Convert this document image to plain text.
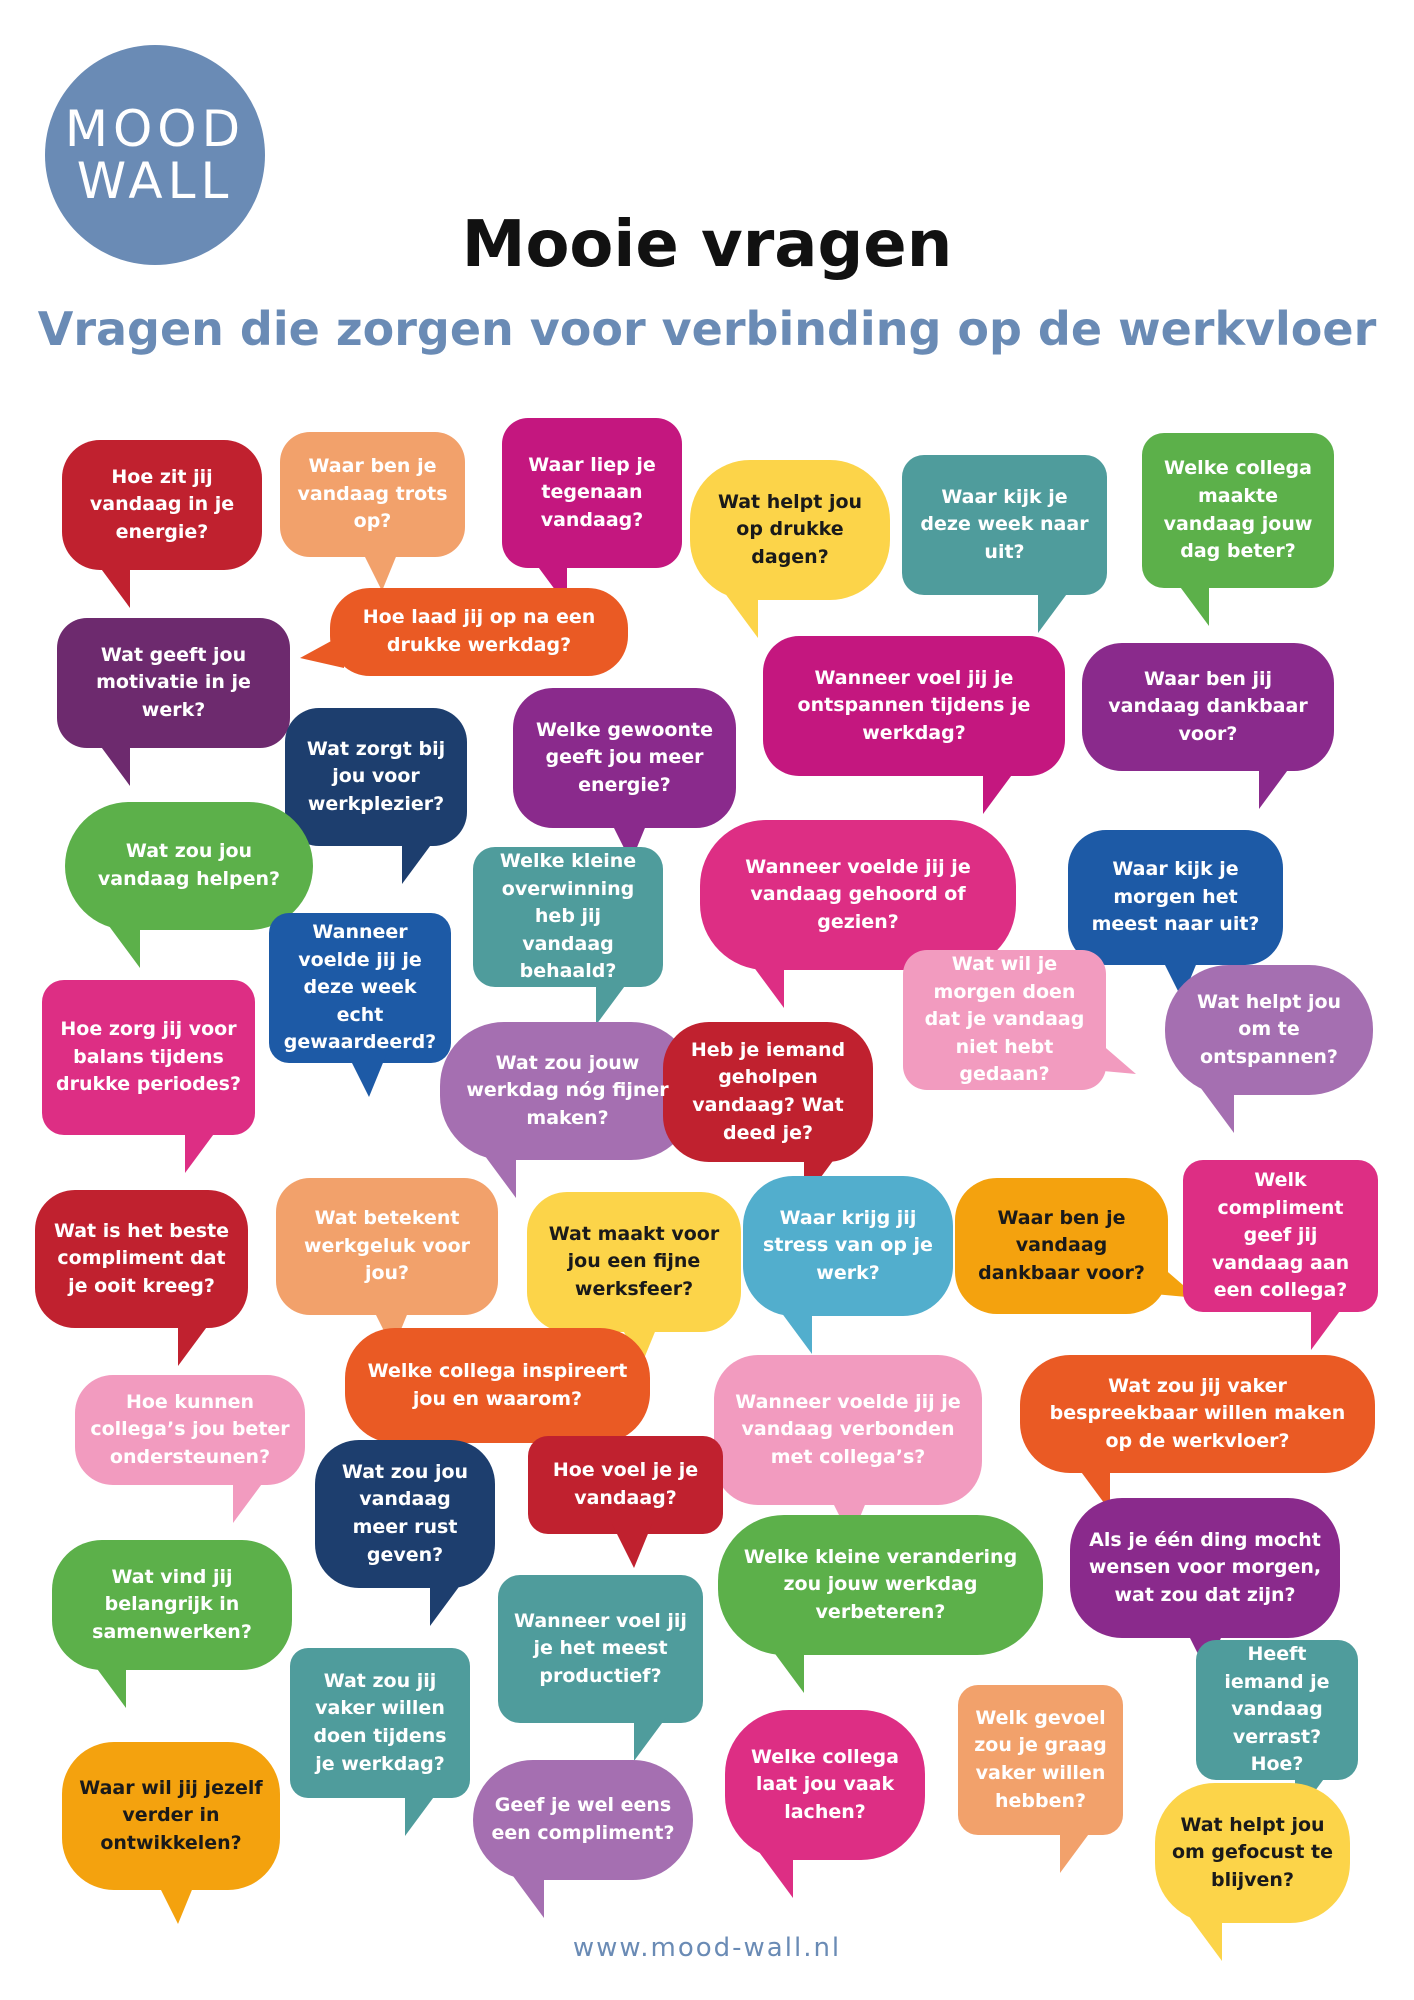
MOOD
WALL
Mooie vragen
Vragen die zorgen voor verbinding op de werkvloer
Hoe zit jij vandaag in je energie?
Waar ben je vandaag trots op?
Waar liep je tegenaan vandaag?
Wat helpt jou op drukke dagen?
Waar kijk je deze week naar uit?
Welke collega maakte vandaag jouw dag beter?
Hoe laad jij op na een drukke werkdag?
Wat geeft jou motivatie in je werk?
Wanneer voel jij je ontspannen tijdens je werkdag?
Waar ben jij vandaag dankbaar voor?
Welke gewoonte geeft jou meer energie?
Wat zorgt bij jou voor werkplezier?
Wat zou jou vandaag helpen?
Welke kleine overwinning heb jij vandaag behaald?
Wanneer voelde jij je vandaag gehoord of gezien?
Waar kijk je morgen het meest naar uit?
Wanneer voelde jij je deze week echt gewaardeerd?
Wat wil je morgen doen dat je vandaag niet hebt gedaan?
Wat helpt jou om te ontspannen?
Hoe zorg jij voor balans tijdens drukke periodes?
Wat zou jouw werkdag nóg fijner maken?
Heb je iemand geholpen vandaag? Wat deed je?
Wat is het beste compliment dat je ooit kreeg?
Wat betekent werkgeluk voor jou?
Wat maakt voor jou een fijne werksfeer?
Waar krijg jij stress van op je werk?
Waar ben je vandaag dankbaar voor?
Welk compliment geef jij vandaag aan een collega?
Welke collega inspireert jou en waarom?
Hoe kunnen collega’s jou beter ondersteunen?
Wanneer voelde jij je vandaag verbonden met collega’s?
Wat zou jij vaker bespreekbaar willen maken op de werkvloer?
Wat zou jou vandaag meer rust geven?
Hoe voel je je vandaag?
Wat vind jij belangrijk in samenwerken?
Als je één ding mocht wensen voor morgen, wat zou dat zijn?
Welke kleine verandering zou jouw werkdag verbeteren?
Wanneer voel jij je het meest productief?
Wat zou jij vaker willen doen tijdens je werkdag?
Heeft iemand je vandaag verrast? Hoe?
Welk gevoel zou je graag vaker willen hebben?
Welke collega laat jou vaak lachen?
Waar wil jij jezelf verder in ontwikkelen?
Geef je wel eens een compliment?	Wat helpt jou om gefocust te blijven?
www.mood-wall.nl
